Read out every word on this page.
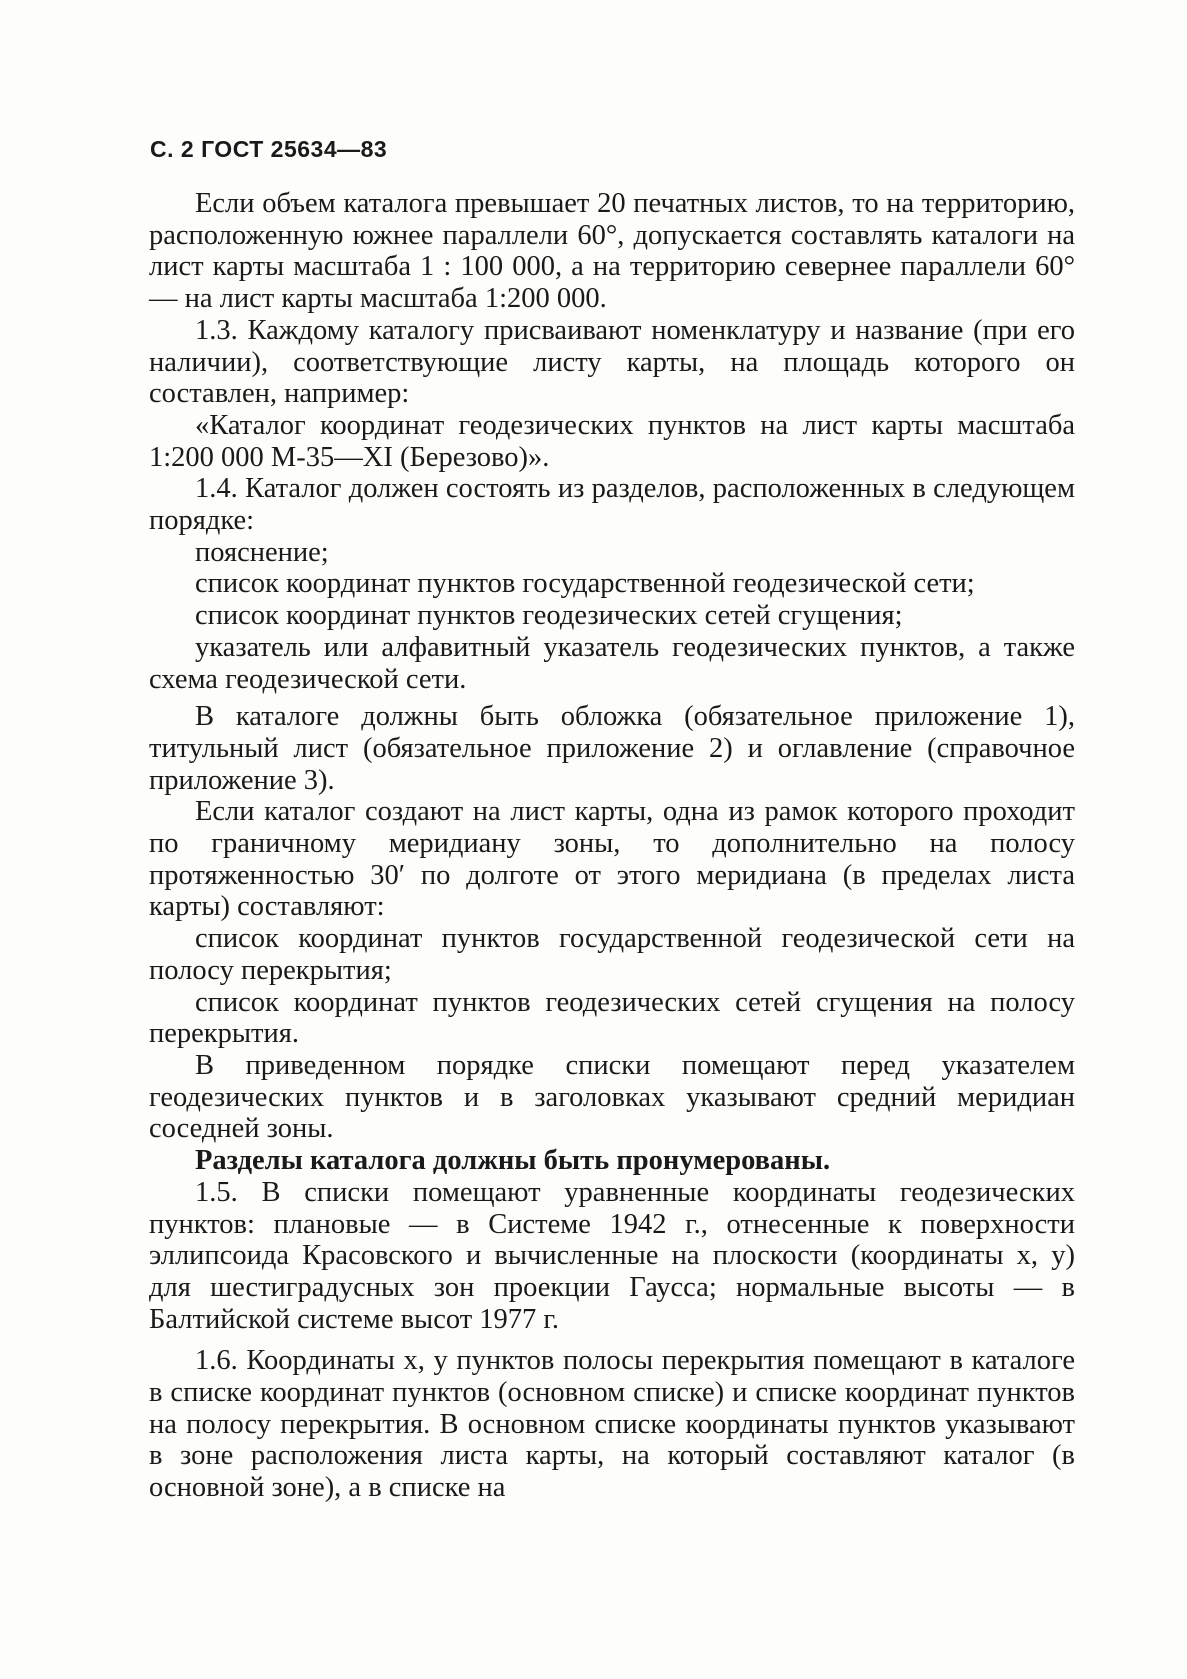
С. 2 ГОСТ 25634—83

Если объем каталога превышает 20 печатных листов, то на территорию, расположенную южнее параллели 60°, допускается составлять каталоги на лист карты масштаба 1 : 100 000, а на территорию севернее параллели 60° — на лист карты масштаба 1:200 000.

1.3. Каждому каталогу присваивают номенклатуру и название (при его наличии), соответствующие листу карты, на площадь которого он составлен, например:

«Каталог координат геодезических пунктов на лист карты масштаба 1:200 000 М-35—XI (Березово)».

1.4. Каталог должен состоять из разделов, расположенных в следующем порядке:

пояснение;

список координат пунктов государственной геодезической сети;

список координат пунктов геодезических сетей сгущения;

указатель или алфавитный указатель геодезических пунктов, а также схема геодезической сети.

В каталоге должны быть обложка (обязательное приложение 1), титульный лист (обязательное приложение 2) и оглавление (справочное приложение 3).

Если каталог создают на лист карты, одна из рамок которого проходит по граничному меридиану зоны, то дополнительно на полосу протяженностью 30′ по долготе от этого меридиана (в пределах листа карты) составляют:

список координат пунктов государственной геодезической сети на полосу перекрытия;

список координат пунктов геодезических сетей сгущения на полосу перекрытия.

В приведенном порядке списки помещают перед указателем геодезических пунктов и в заголовках указывают средний меридиан соседней зоны.

Разделы каталога должны быть пронумерованы.

1.5. В списки помещают уравненные координаты геодезических пунктов: плановые — в Системе 1942 г., отнесенные к поверхности эллипсоида Красовского и вычисленные на плоскости (координаты x, y) для шестиградусных зон проекции Гаусса; нормальные высоты — в Балтийской системе высот 1977 г.

1.6. Координаты x, y пунктов полосы перекрытия помещают в каталоге в списке координат пунктов (основном списке) и списке координат пунктов на полосу перекрытия. В основном списке координаты пунктов указывают в зоне расположения листа карты, на который составляют каталог (в основной зоне), а в списке на
